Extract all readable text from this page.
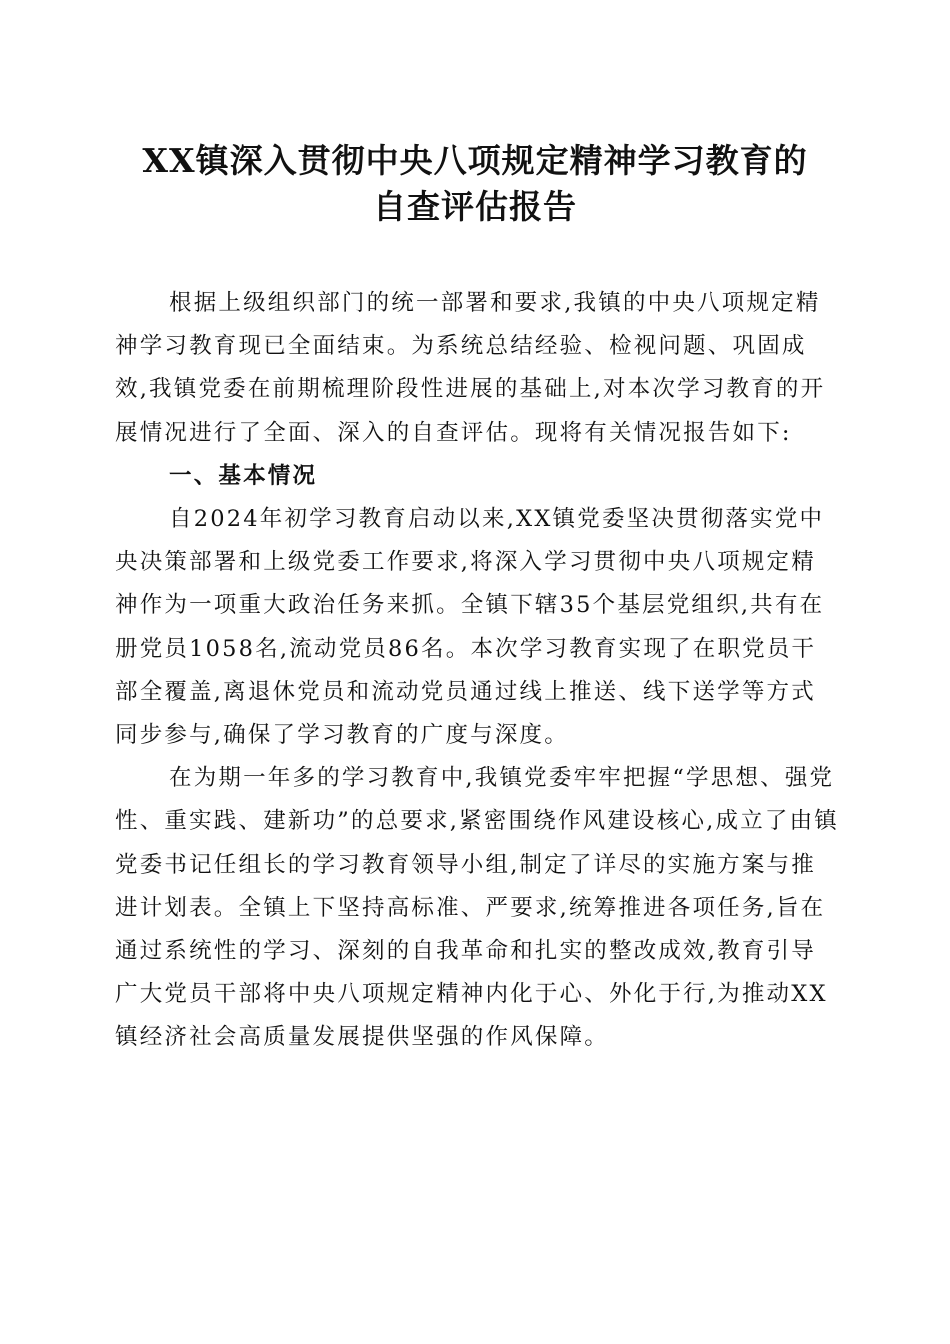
XX镇深入贯彻中央八项规定精神学习教育的
自查评估报告

根据上级组织部门的统一部署和要求,我镇的中央八项规定精神学习教育现已全面结束。为系统总结经验、检视问题、巩固成效,我镇党委在前期梳理阶段性进展的基础上,对本次学习教育的开展情况进行了全面、深入的自查评估。现将有关情况报告如下:

一、基本情况

自2024年初学习教育启动以来,XX镇党委坚决贯彻落实党中央决策部署和上级党委工作要求,将深入学习贯彻中央八项规定精神作为一项重大政治任务来抓。全镇下辖35个基层党组织,共有在册党员1058名,流动党员86名。本次学习教育实现了在职党员干部全覆盖,离退休党员和流动党员通过线上推送、线下送学等方式同步参与,确保了学习教育的广度与深度。

在为期一年多的学习教育中,我镇党委牢牢把握“学思想、强党性、重实践、建新功”的总要求,紧密围绕作风建设核心,成立了由镇党委书记任组长的学习教育领导小组,制定了详尽的实施方案与推进计划表。全镇上下坚持高标准、严要求,统筹推进各项任务,旨在通过系统性的学习、深刻的自我革命和扎实的整改成效,教育引导广大党员干部将中央八项规定精神内化于心、外化于行,为推动XX镇经济社会高质量发展提供坚强的作风保障。
